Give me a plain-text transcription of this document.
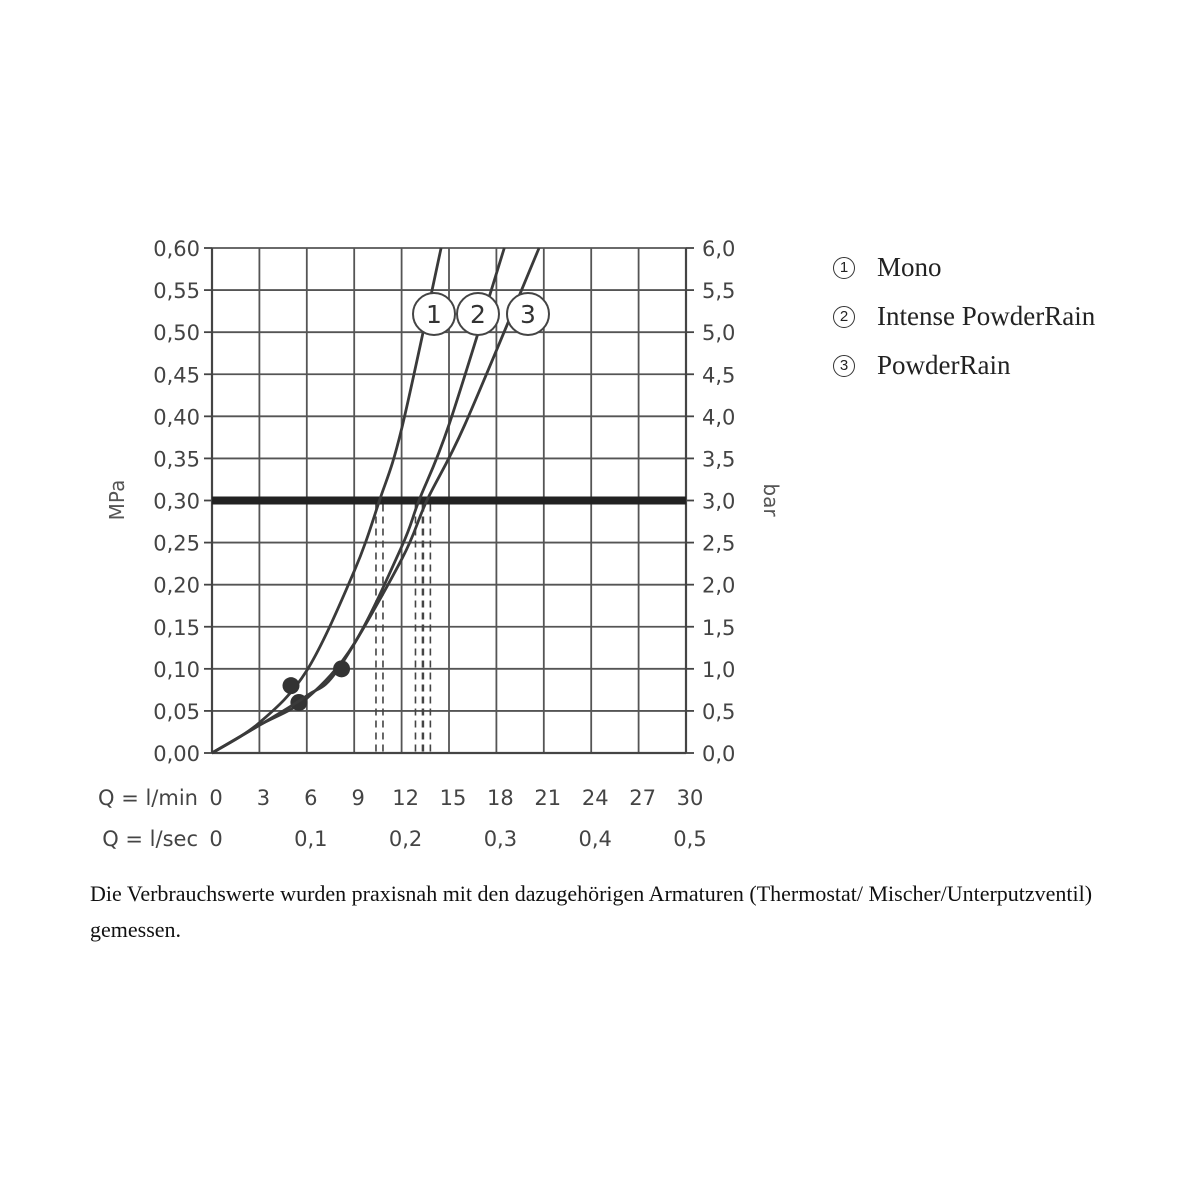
0,00
0,05
0,10
0,15
0,20
0,25
0,30
0,35
0,40
0,45
0,50
0,55
0,60
0,0
0,5
1,0
1,5
2,0
2,5
3,0
3,5
4,0
4,5
5,0
5,5
6,0
0 3 6 9 12 15 18 21 24 27 30
0	0,1	0,2	0,3	0,4	0,5
1 2 3
MPa	bar
Q = l/min
Q = l/sec
1 Mono
2 Intense PowderRain
3 PowderRain
Die Verbrauchswerte wurden praxisnah mit den dazugehörigen Armaturen (Thermostat/ Mischer/Unterputzventil) gemessen.
